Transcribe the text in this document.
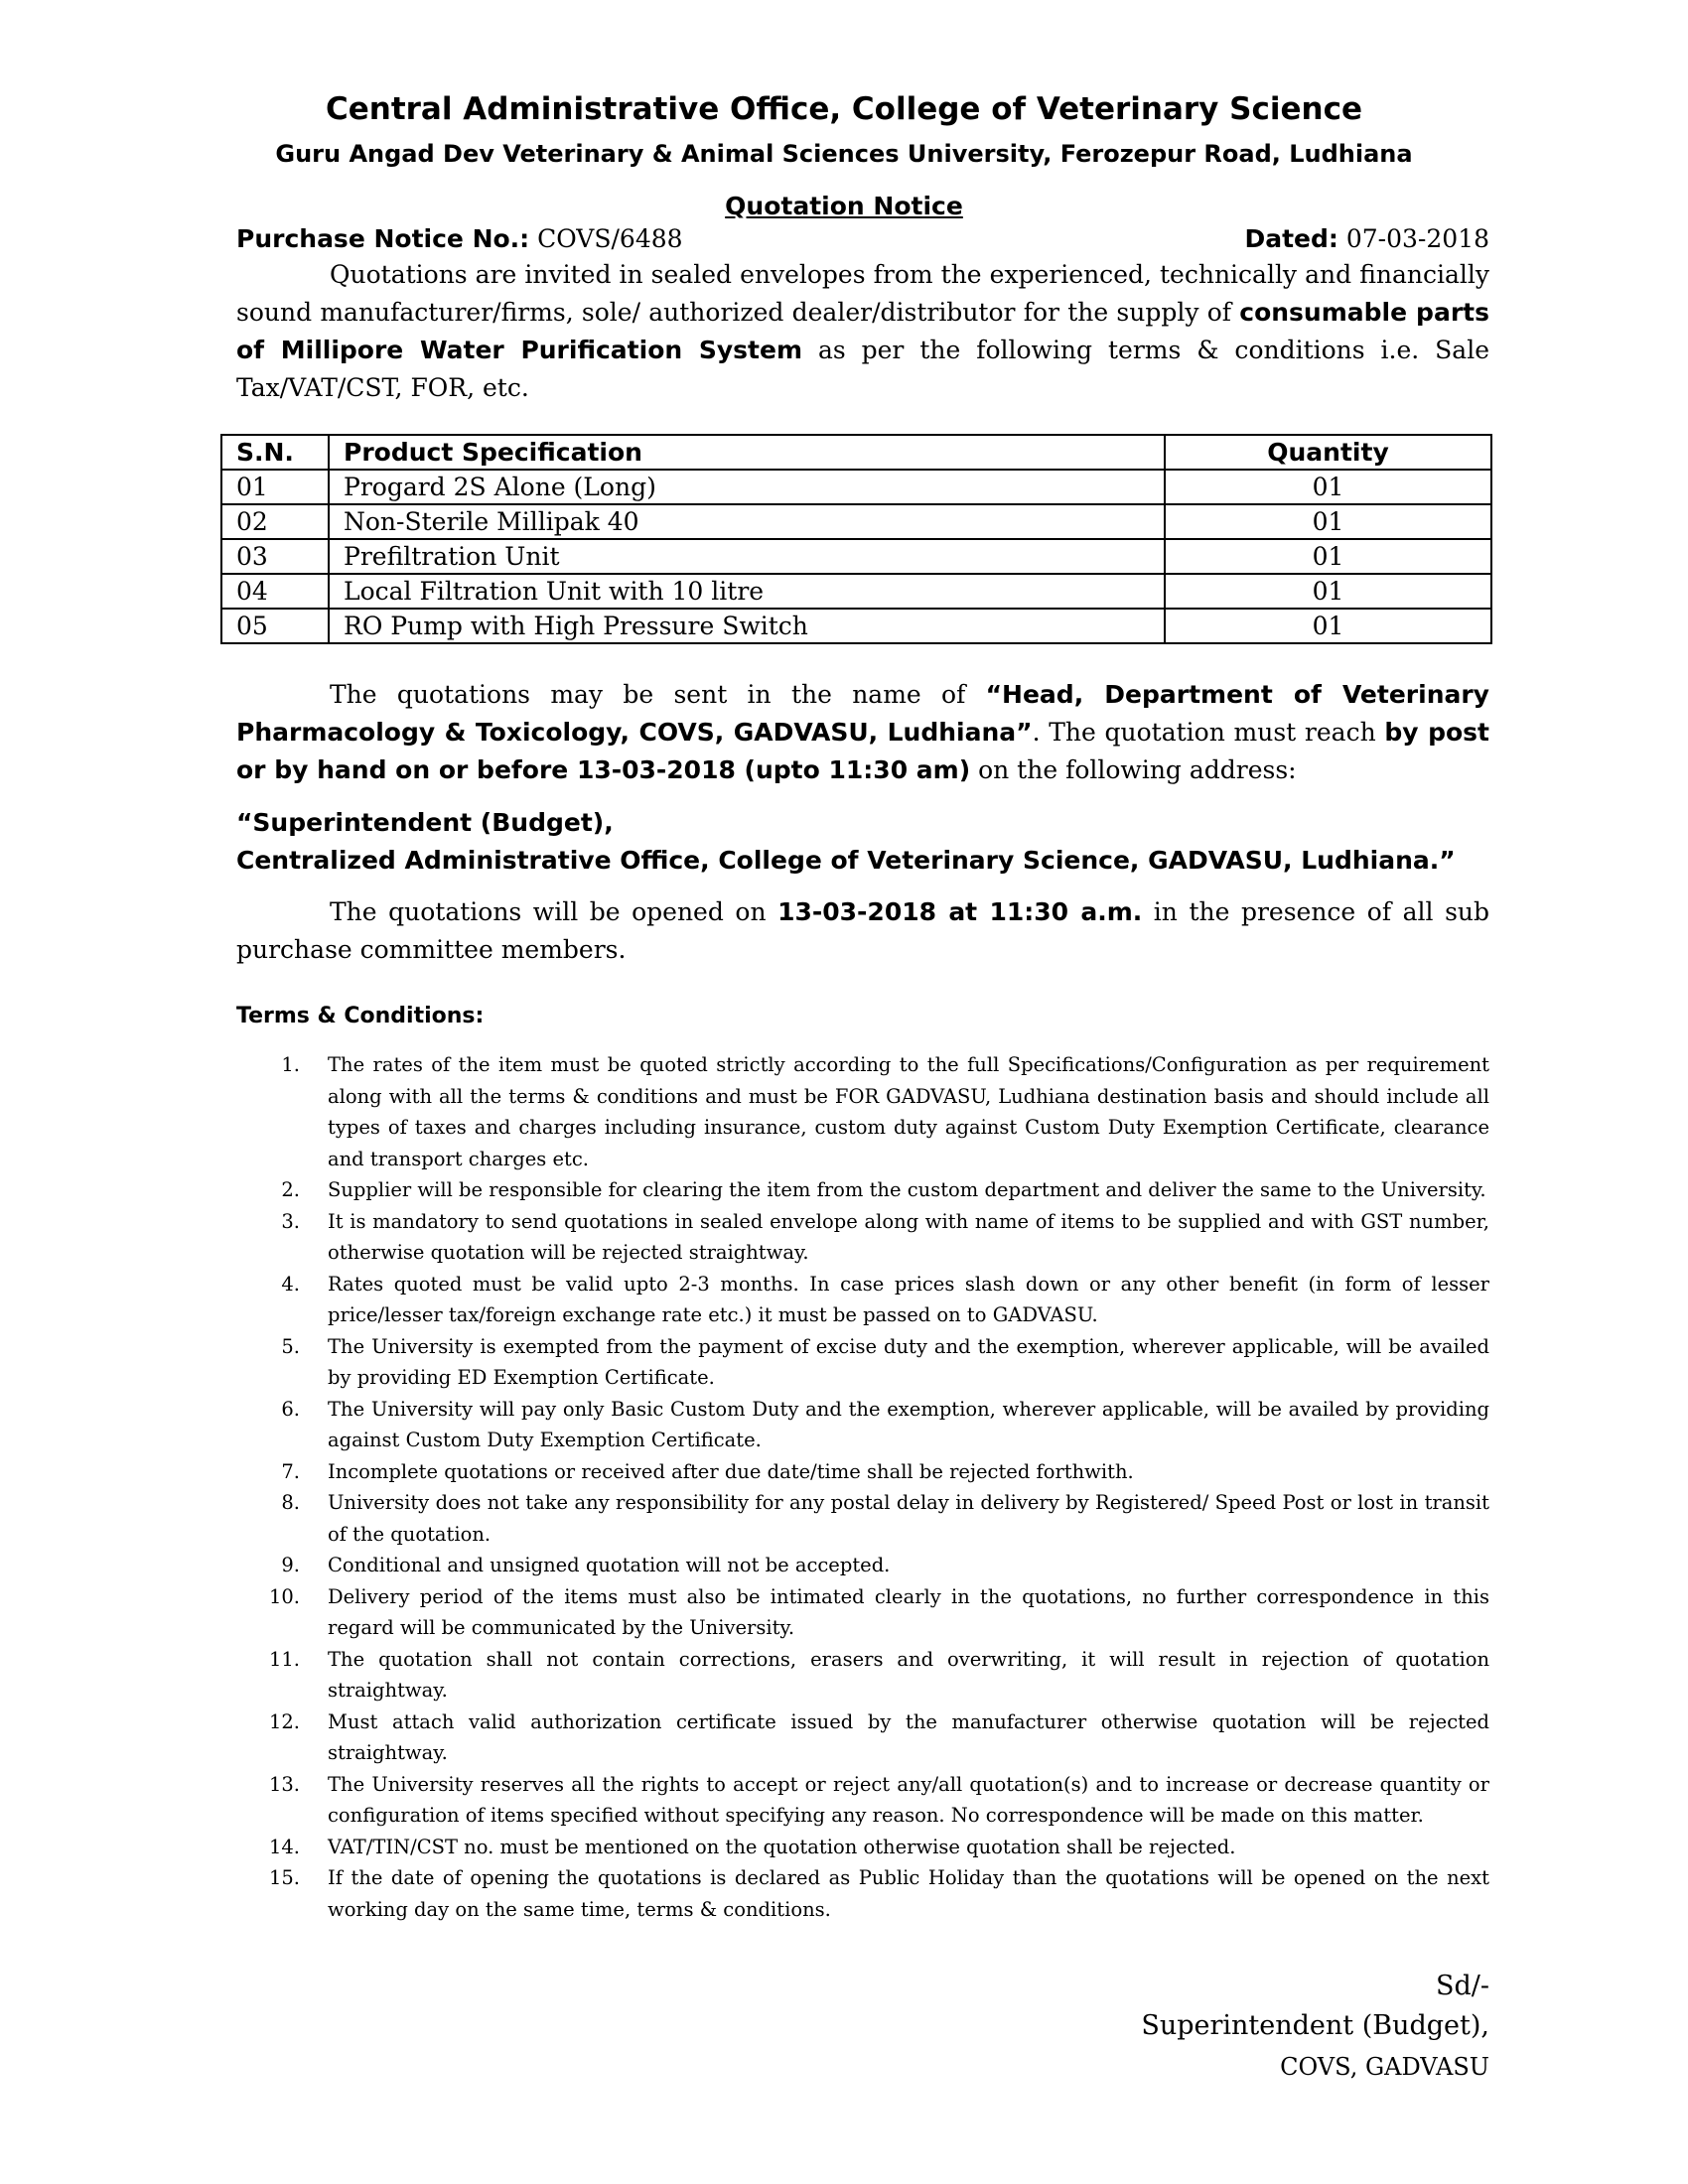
Central Administrative Office, College of Veterinary Science
Guru Angad Dev Veterinary & Animal Sciences University, Ferozepur Road, Ludhiana
Quotation Notice
Purchase Notice No.: COVS/6488	Dated: 07-03-2018
Quotations are invited in sealed envelopes from the experienced, technically and financially sound manufacturer/firms, sole/ authorized dealer/distributor for the supply of consumable parts of Millipore Water Purification System as per the following terms & conditions i.e. Sale Tax/VAT/CST, FOR, etc.
S.N.	Product Specification	Quantity
01	Progard 2S Alone (Long)	01
02	Non-Sterile Millipak 40	01
03	Prefiltration Unit	01
04	Local Filtration Unit with 10 litre	01
05	RO Pump with High Pressure Switch	01
The quotations may be sent in the name of “Head, Department of Veterinary Pharmacology & Toxicology, COVS, GADVASU, Ludhiana”. The quotation must reach by post or by hand on or before 13-03-2018 (upto 11:30 am) on the following address:
“Superintendent (Budget),
Centralized Administrative Office, College of Veterinary Science, GADVASU, Ludhiana.”
The quotations will be opened on 13-03-2018 at 11:30 a.m. in the presence of all sub purchase committee members.
Terms & Conditions:
1. The rates of the item must be quoted strictly according to the full Specifications/Configuration as per requirement along with all the terms & conditions and must be FOR GADVASU, Ludhiana destination basis and should include all types of taxes and charges including insurance, custom duty against Custom Duty Exemption Certificate, clearance and transport charges etc.
2. Supplier will be responsible for clearing the item from the custom department and deliver the same to the University.
3. It is mandatory to send quotations in sealed envelope along with name of items to be supplied and with GST number, otherwise quotation will be rejected straightway.
4. Rates quoted must be valid upto 2-3 months. In case prices slash down or any other benefit (in form of lesser price/lesser tax/foreign exchange rate etc.) it must be passed on to GADVASU.
5. The University is exempted from the payment of excise duty and the exemption, wherever applicable, will be availed by providing ED Exemption Certificate.
6. The University will pay only Basic Custom Duty and the exemption, wherever applicable, will be availed by providing against Custom Duty Exemption Certificate.
7. Incomplete quotations or received after due date/time shall be rejected forthwith.
8. University does not take any responsibility for any postal delay in delivery by Registered/ Speed Post or lost in transit of the quotation.
9. Conditional and unsigned quotation will not be accepted.
10. Delivery period of the items must also be intimated clearly in the quotations, no further correspondence in this regard will be communicated by the University.
11. The quotation shall not contain corrections, erasers and overwriting, it will result in rejection of quotation straightway.
12. Must attach valid authorization certificate issued by the manufacturer otherwise quotation will be rejected straightway.
13. The University reserves all the rights to accept or reject any/all quotation(s) and to increase or decrease quantity or configuration of items specified without specifying any reason. No correspondence will be made on this matter.
14. VAT/TIN/CST no. must be mentioned on the quotation otherwise quotation shall be rejected.
15. If the date of opening the quotations is declared as Public Holiday than the quotations will be opened on the next working day on the same time, terms & conditions.
Sd/-
Superintendent (Budget),
COVS, GADVASU
